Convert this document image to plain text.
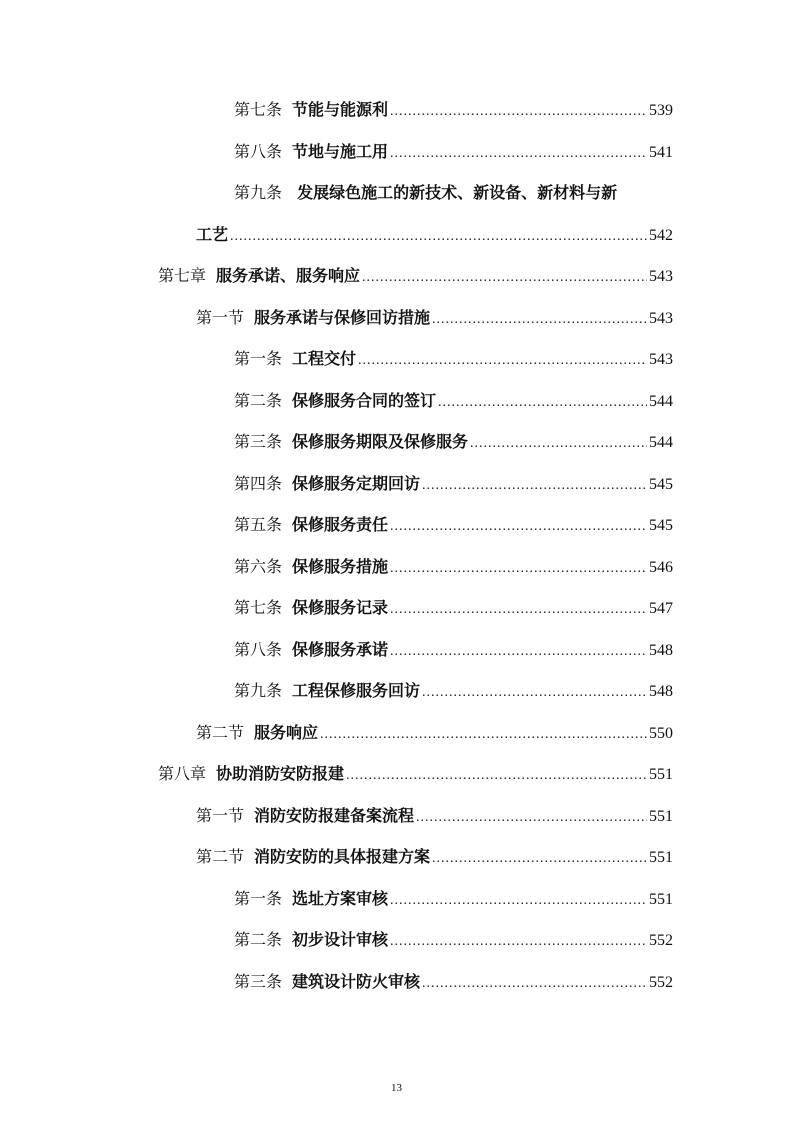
第七条 节能与能源利 .....	539
第八条 节地与施工用 .....	541
第九条 发展绿色施工的新技术、新设备、新材料与新
工艺 .....	542
第七章 服务承诺、服务响应 .....	543
第一节 服务承诺与保修回访措施 .....	543
第一条 工程交付 .....	543
第二条 保修服务合同的签订 .....	544
第三条 保修服务期限及保修服务 .....	544
第四条 保修服务定期回访 .....	545
第五条 保修服务责任 .....	545
第六条 保修服务措施 .....	546
第七条 保修服务记录 .....	547
第八条 保修服务承诺 .....	548
第九条 工程保修服务回访 .....	548
第二节 服务响应 .....	550
第八章 协助消防安防报建 .....	551
第一节 消防安防报建备案流程 .....	551
第二节 消防安防的具体报建方案 .....	551
第一条 选址方案审核 .....	551
第二条 初步设计审核 .....	552
第三条 建筑设计防火审核 .....	552
13
